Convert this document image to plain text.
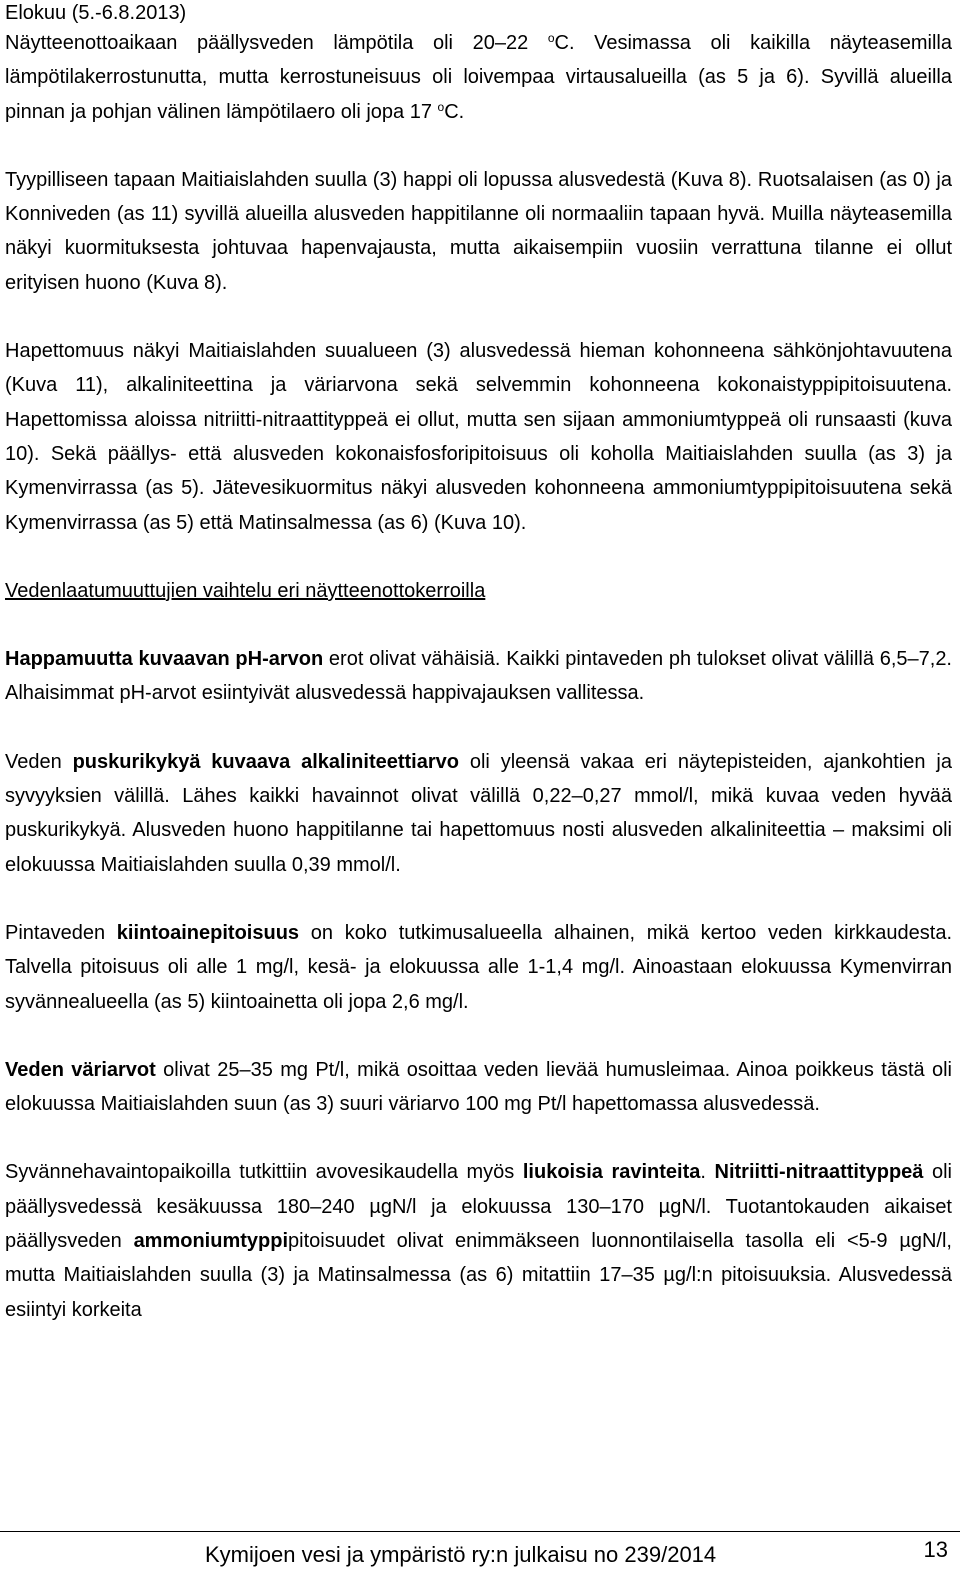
Elokuu (5.-6.8.2013)

Näytteenottoaikaan päällysveden lämpötila oli 20–22 $^o$C. Vesimassa oli kaikilla näyteasemilla lämpötilakerrostunutta, mutta kerrostuneisuus oli loivempaa virtausalueilla (as 5 ja 6). Syvillä alueilla pinnan ja pohjan välinen lämpötilaero oli jopa 17 $^o$C.

Tyypilliseen tapaan Maitiaislahden suulla (3) happi oli lopussa alusvedestä (Kuva 8). Ruotsalaisen (as 0) ja Konniveden (as 11) syvillä alueilla alusveden happitilanne oli normaaliin tapaan hyvä. Muilla näyteasemilla näkyi kuormituksesta johtuvaa hapenvajausta, mutta aikaisempiin vuosiin verrattuna tilanne ei ollut erityisen huono (Kuva 8).

Hapettomuus näkyi Maitiaislahden suualueen (3) alusvedessä hieman kohonneena sähkönjohtavuutena (Kuva 11), alkaliniteettina ja väriarvona sekä selvemmin kohonneena kokonaistyppipitoisuutena. Hapettomissa aloissa nitriitti-nitraattityppeä ei ollut, mutta sen sijaan ammoniumtyppeä oli runsaasti (kuva 10). Sekä päällys- että alusveden kokonaisfosforipitoisuus oli koholla Maitiaislahden suulla (as 3) ja Kymenvirrassa (as 5). Jätevesikuormitus näkyi alusveden kohonneena ammoniumtyppipitoisuutena sekä Kymenvirrassa (as 5) että Matinsalmessa (as 6) (Kuva 10).

Vedenlaatumuuttujien vaihtelu eri näytteenottokerroilla

Happamuutta kuvaavan pH-arvon erot olivat vähäisiä. Kaikki pintaveden ph tulokset olivat välillä 6,5–7,2. Alhaisimmat pH-arvot esiintyivät alusvedessä happivajauksen vallitessa.

Veden puskurikykyä kuvaava alkaliniteettiarvo oli yleensä vakaa eri näytepisteiden, ajankohtien ja syvyyksien välillä. Lähes kaikki havainnot olivat välillä 0,22–0,27 mmol/l, mikä kuvaa veden hyvää puskurikykyä. Alusveden huono happitilanne tai hapettomuus nosti alusveden alkaliniteettia – maksimi oli elokuussa Maitiaislahden suulla 0,39 mmol/l.

Pintaveden kiintoainepitoisuus on koko tutkimusalueella alhainen, mikä kertoo veden kirkkaudesta. Talvella pitoisuus oli alle 1 mg/l, kesä- ja elokuussa alle 1-1,4 mg/l. Ainoastaan elokuussa Kymenvirran syvännealueella (as 5) kiintoainetta oli jopa 2,6 mg/l.

Veden väriarvot olivat 25–35 mg Pt/l, mikä osoittaa veden lievää humusleimaa. Ainoa poikkeus tästä oli elokuussa Maitiaislahden suun (as 3) suuri väriarvo 100 mg Pt/l hapettomassa alusvedessä.

Syvännehavaintopaikoilla tutkittiin avovesikaudella myös liukoisia ravinteita. Nitriitti-nitraattityppeä oli päällysvedessä kesäkuussa 180–240 µgN/l ja elokuussa 130–170 µgN/l. Tuotantokauden aikaiset päällysveden ammoniumtyppipitoisuudet olivat enimmäkseen luonnontilaisella tasolla eli <5-9 µgN/l, mutta Maitiaislahden suulla (3) ja Matinsalmessa (as 6) mitattiin 17–35 µg/l:n pitoisuuksia. Alusvedessä esiintyi korkeita

Kymijoen vesi ja ympäristö ry:n julkaisu no 239/2014	13
